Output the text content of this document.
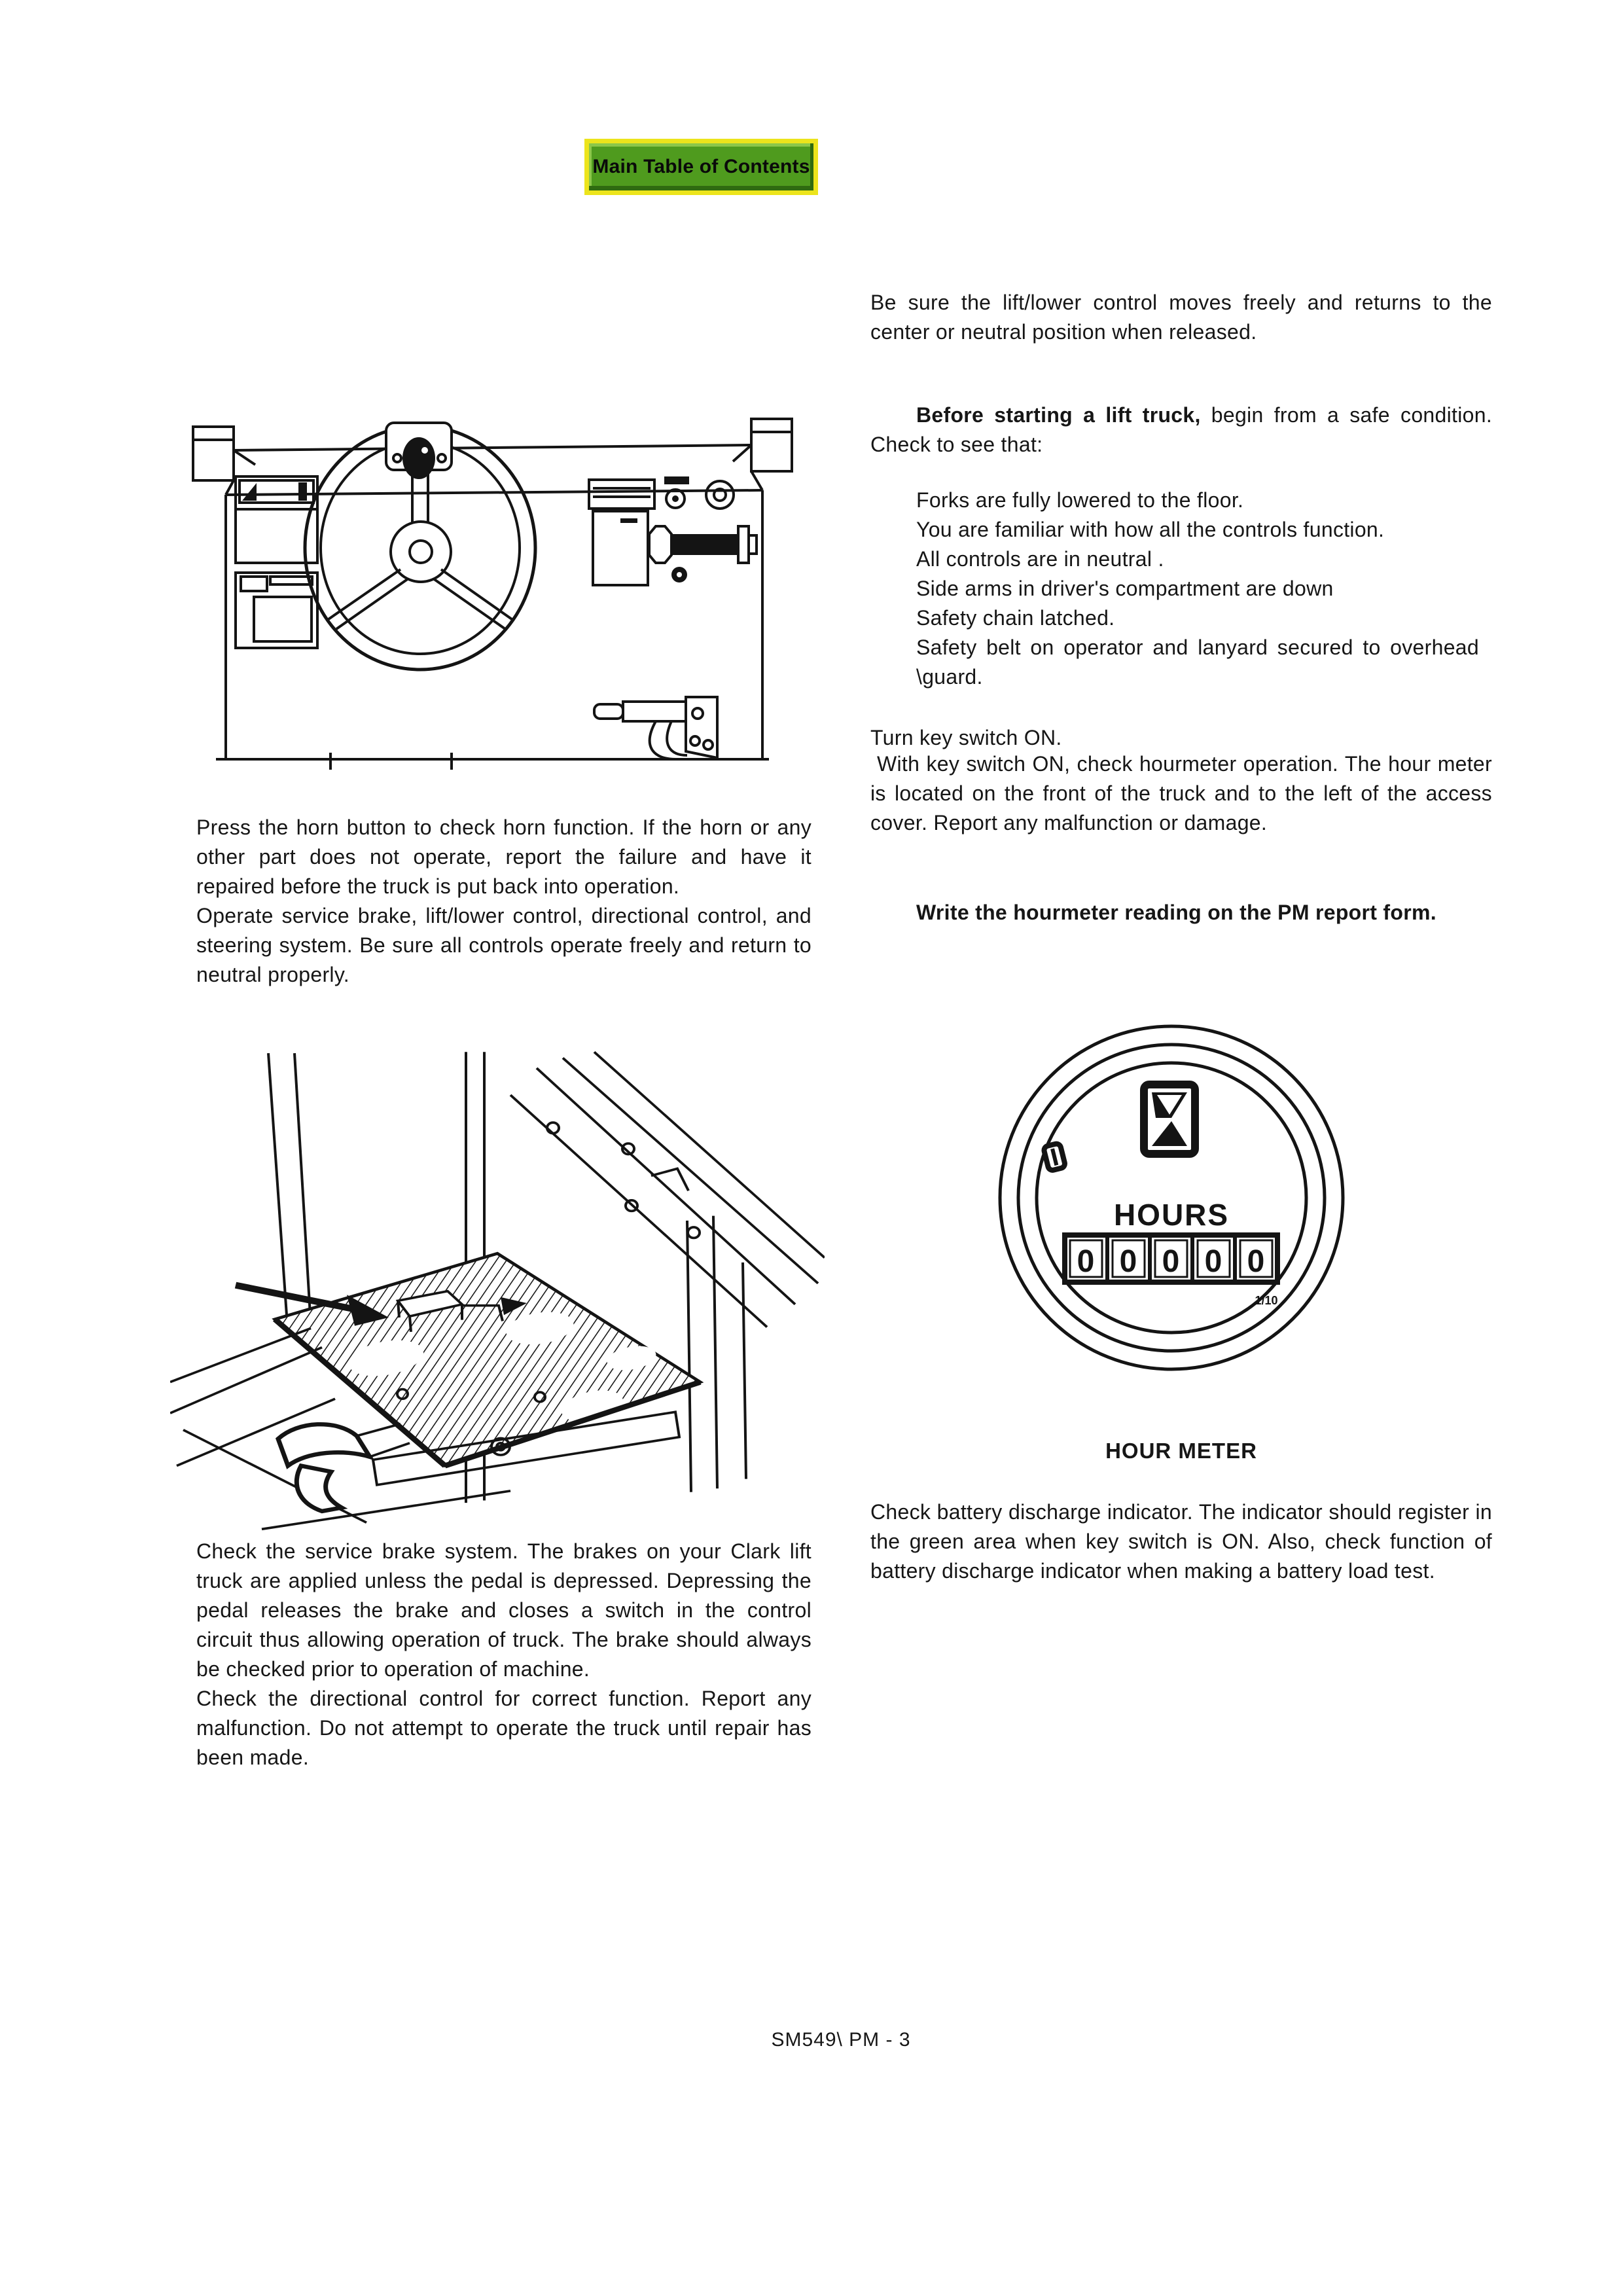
Main Table of Contents

Be sure the lift/lower control moves freely and returns to the center or neutral position when released.

Before starting a lift truck, begin from a safe condition. Check to see that:
Forks are fully lowered to the floor.
You are familiar with how all the controls function.
All controls are in neutral .
Side arms in driver's compartment are down
Safety chain latched.
Safety belt on operator and lanyard secured to overhead \guard.

Turn key switch ON.

With key switch ON, check hourmeter operation. The hour meter is located on the front of the truck and to the left of the access cover. Report any malfunction or damage.

Write the hourmeter reading on the PM report form.

HOURS
0 0 0 0 0
1/10
HOUR METER

Check battery discharge indicator. The indicator should register in the green area when key switch is ON. Also, check function of battery discharge indicator when making a battery load test.

Press the horn button to check horn function. If the horn or any other part does not operate, report the failure and have it repaired before the truck is put back into operation.

Operate service brake, lift/lower control, directional control, and steering system. Be sure all controls operate freely and return to neutral properly.

Check the service brake system. The brakes on your Clark lift truck are applied unless the pedal is depressed. Depressing the pedal releases the brake and closes a switch in the control circuit thus allowing operation of truck. The brake should always be checked prior to operation of machine.

Check the directional control for correct function. Report any malfunction. Do not attempt to operate the truck until repair has been made.

SM549\ PM - 3
